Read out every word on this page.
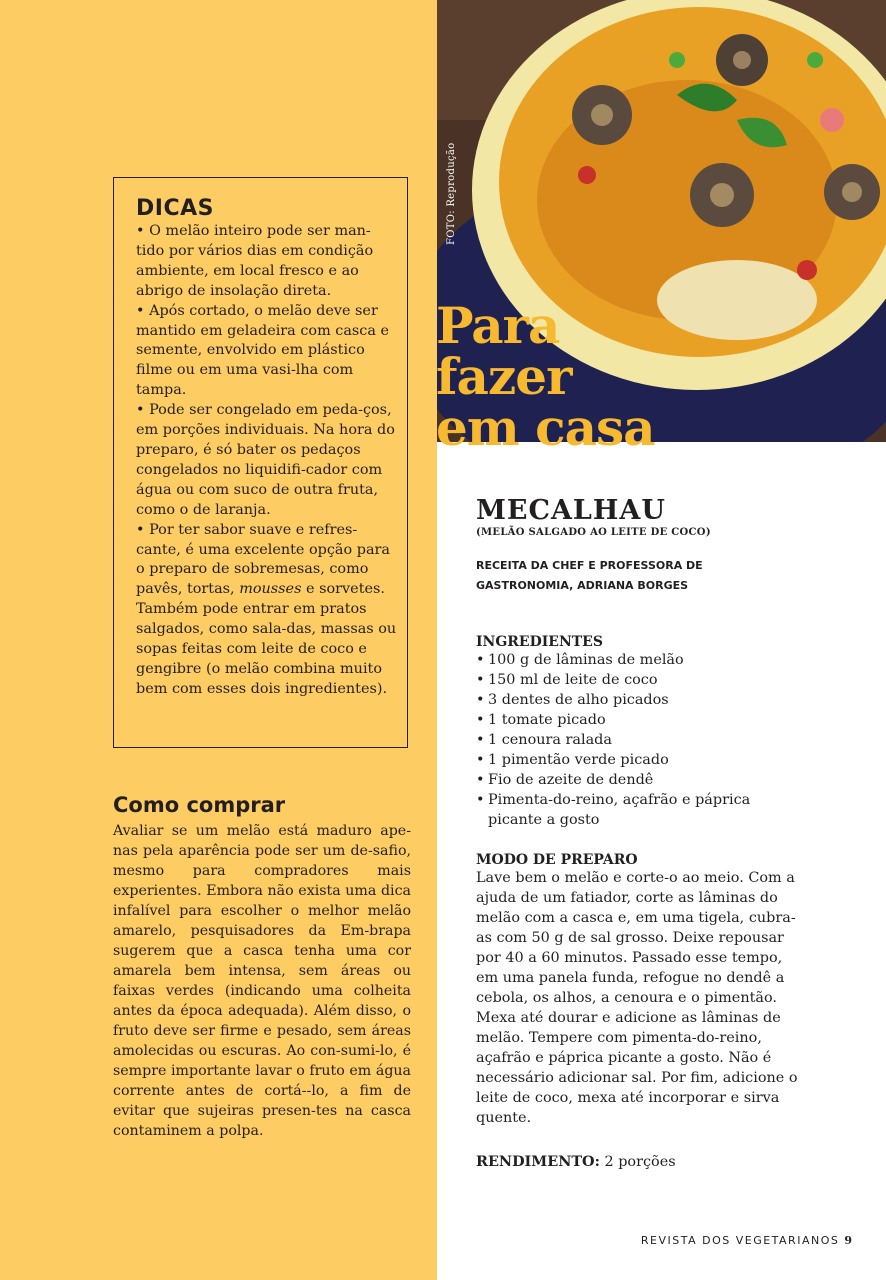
FOTO: Reprodução
Para
fazer
em casa
DICAS

• O melão inteiro pode ser man-tido por vários dias em condição ambiente, em local fresco e ao abrigo de insolação direta.

• Após cortado, o melão deve ser mantido em geladeira com casca e semente, envolvido em plástico filme ou em uma vasi-lha com tampa.

• Pode ser congelado em peda-ços, em porções individuais. Na hora do preparo, é só bater os pedaços congelados no liquidifi-cador com água ou com suco de outra fruta, como o de laranja.

• Por ter sabor suave e refres-cante, é uma excelente opção para o preparo de sobremesas, como pavês, tortas, mousses e sorvetes. Também pode entrar em pratos salgados, como sala-das, massas ou sopas feitas com leite de coco e gengibre (o melão combina muito bem com esses dois ingredientes).

Como comprar
Avaliar se um melão está maduro ape-nas pela aparência pode ser um de-safio, mesmo para compradores mais experientes. Embora não exista uma dica infalível para escolher o melhor melão amarelo, pesquisadores da Em-brapa sugerem que a casca tenha uma cor amarela bem intensa, sem áreas ou faixas verdes (indicando uma colheita antes da época adequada). Além disso, o fruto deve ser firme e pesado, sem áreas amolecidas ou escuras. Ao con-sumi-lo, é sempre importante lavar o fruto em água corrente antes de cortá--lo, a fim de evitar que sujeiras presen-tes na casca contaminem a polpa.
MECALHAU
(MELÃO SALGADO AO LEITE DE COCO)
RECEITA DA CHEF E PROFESSORA DE
GASTRONOMIA, ADRIANA BORGES
INGREDIENTES
• 100 g de lâminas de melão
• 150 ml de leite de coco
• 3 dentes de alho picados
• 1 tomate picado
• 1 cenoura ralada
• 1 pimentão verde picado
• Fio de azeite de dendê
• Pimenta-do-reino, açafrão e páprica picante a gosto
MODO DE PREPARO
Lave bem o melão e corte-o ao meio. Com a ajuda de um fatiador, corte as lâminas do melão com a casca e, em uma tigela, cubra-as com 50 g de sal grosso. Deixe repousar por 40 a 60 minutos. Passado esse tempo, em uma panela funda, refogue no dendê a cebola, os alhos, a cenoura e o pimentão. Mexa até dourar e adicione as lâminas de melão. Tempere com pimenta-do-reino, açafrão e páprica picante a gosto. Não é necessário adicionar sal. Por fim, adicione o leite de coco, mexa até incorporar e sirva quente.
RENDIMENTO: 2 porções
REVISTA DOS VEGETARIANOS 9
